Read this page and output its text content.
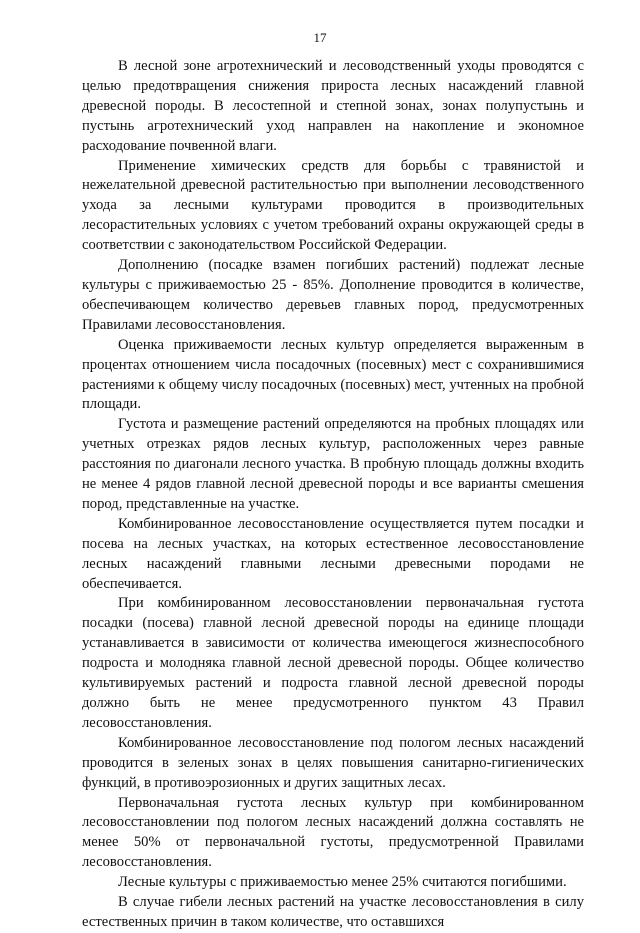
17

В лесной зоне агротехнический и лесоводственный уходы проводятся с целью предотвращения снижения прироста лесных насаждений главной древесной породы. В лесостепной и степной зонах, зонах полупустынь и пустынь агротехнический уход направлен на накопление и экономное расходование почвенной влаги.

Применение химических средств для борьбы с травянистой и нежелательной древесной растительностью при выполнении лесоводственного ухода за лесными культурами проводится в производительных лесорастительных условиях с учетом требований охраны окружающей среды в соответствии с законодательством Российской Федерации.

Дополнению (посадке взамен погибших растений) подлежат лесные культуры с приживаемостью 25 - 85%. Дополнение проводится в количестве, обеспечивающем количество деревьев главных пород, предусмотренных Правилами лесовосстановления.

Оценка приживаемости лесных культур определяется выраженным в процентах отношением числа посадочных (посевных) мест с сохранившимися растениями к общему числу посадочных (посевных) мест, учтенных на пробной площади.

Густота и размещение растений определяются на пробных площадях или учетных отрезках рядов лесных культур, расположенных через равные расстояния по диагонали лесного участка. В пробную площадь должны входить не менее 4 рядов главной лесной древесной породы и все варианты смешения пород, представленные на участке.

Комбинированное лесовосстановление осуществляется путем посадки и посева на лесных участках, на которых естественное лесовосстановление лесных насаждений главными лесными древесными породами не обеспечивается.

При комбинированном лесовосстановлении первоначальная густота посадки (посева) главной лесной древесной породы на единице площади устанавливается в зависимости от количества имеющегося жизнеспособного подроста и молодняка главной лесной древесной породы. Общее количество культивируемых растений и подроста главной лесной древесной породы должно быть не менее предусмотренного пунктом 43 Правил лесовосстановления.

Комбинированное лесовосстановление под пологом лесных насаждений проводится в зеленых зонах в целях повышения санитарно-гигиенических функций, в противоэрозионных и других защитных лесах.

Первоначальная густота лесных культур при комбинированном лесовосстановлении под пологом лесных насаждений должна составлять не менее 50% от первоначальной густоты, предусмотренной Правилами лесовосстановления.

Лесные культуры с приживаемостью менее 25% считаются погибшими.

В случае гибели лесных растений на участке лесовосстановления в силу естественных причин в таком количестве, что оставшихся
